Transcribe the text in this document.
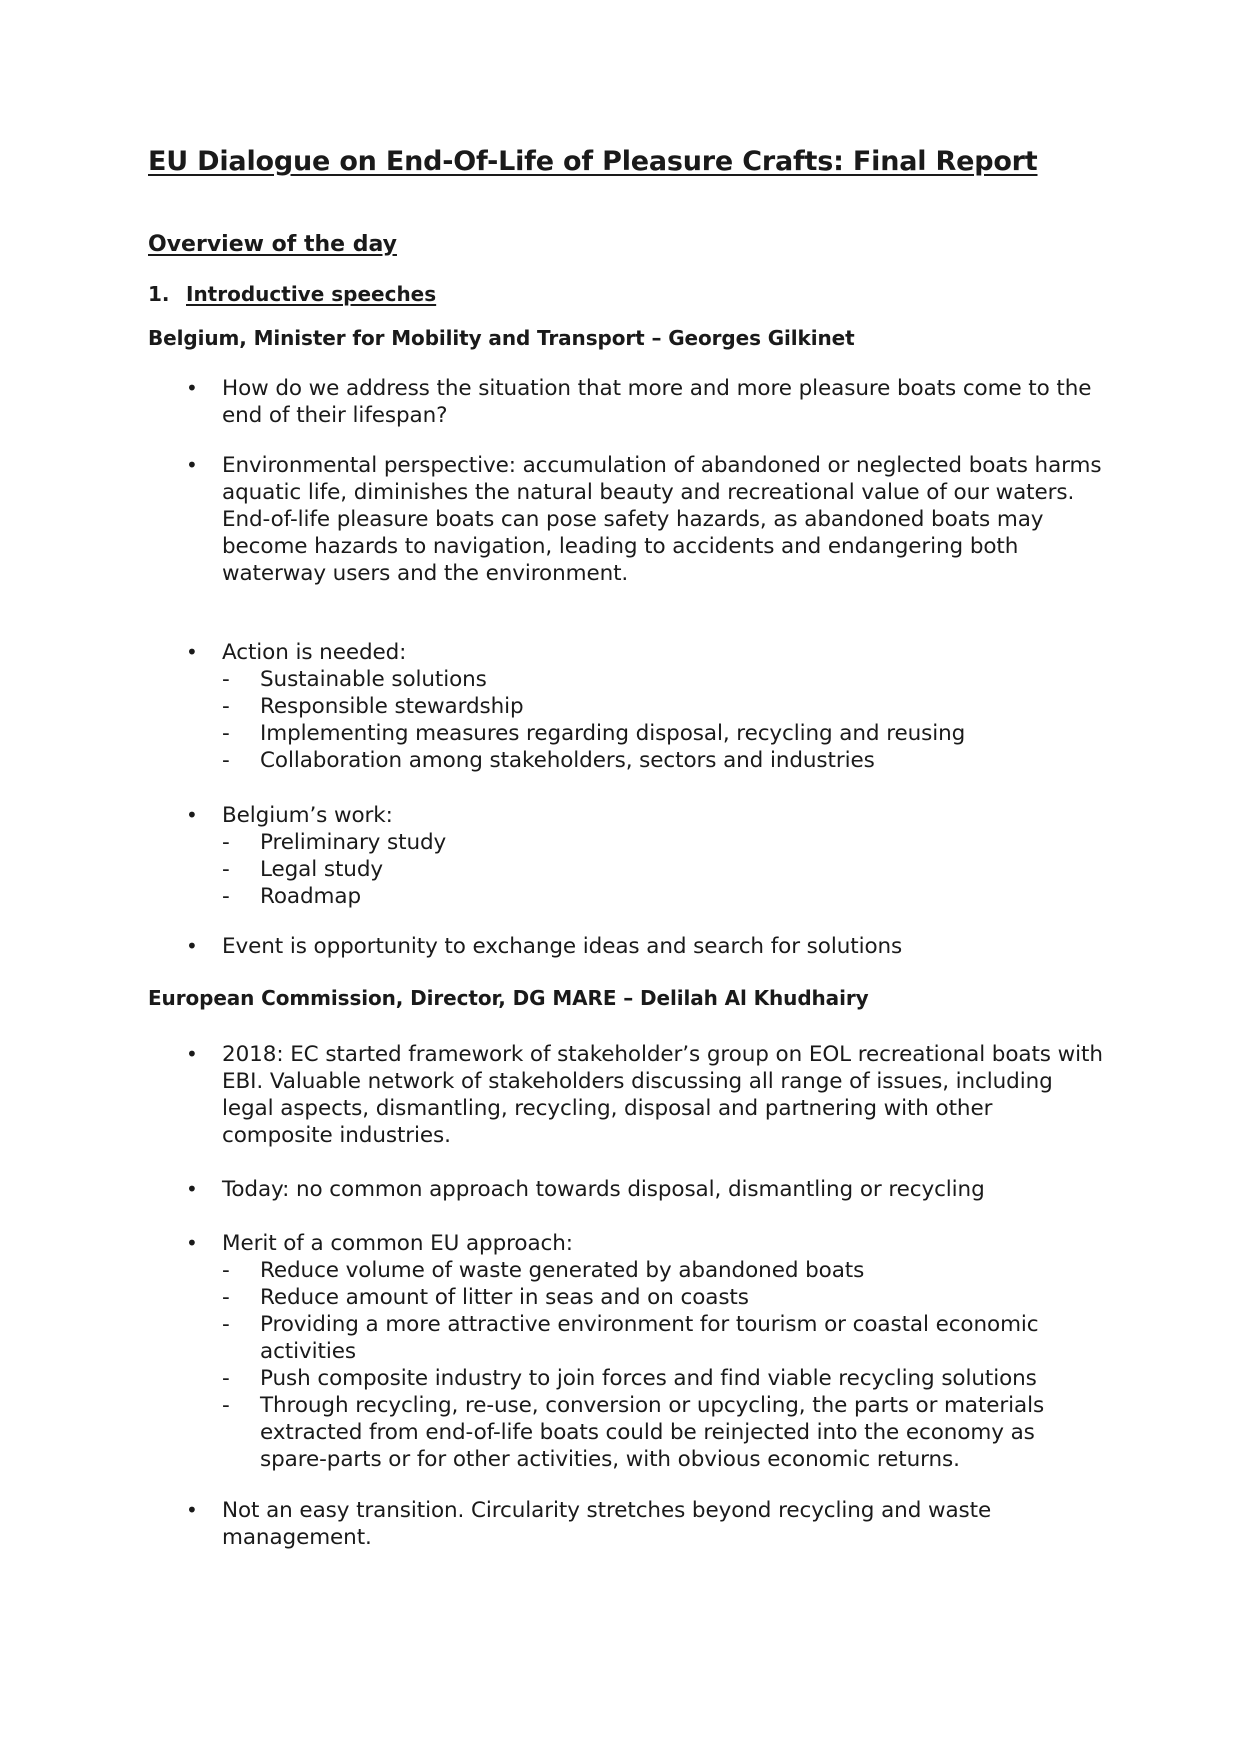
EU Dialogue on End-Of-Life of Pleasure Crafts: Final Report
Overview of the day
1. Introductive speeches
Belgium, Minister for Mobility and Transport – Georges Gilkinet
• How do we address the situation that more and more pleasure boats come to the end of their lifespan?

• Environmental perspective: accumulation of abandoned or neglected boats harms aquatic life, diminishes the natural beauty and recreational value of our waters.

End-of-life pleasure boats can pose safety hazards, as abandoned boats may become hazards to navigation, leading to accidents and endangering both waterway users and the environment.

• Action is needed:

- Sustainable solutions
- Responsible stewardship
- Implementing measures regarding disposal, recycling and reusing
- Collaboration among stakeholders, sectors and industries
• Belgium’s work:

- Preliminary study
- Legal study
- Roadmap
• Event is opportunity to exchange ideas and search for solutions

European Commission, Director, DG MARE – Delilah Al Khudhairy
• 2018: EC started framework of stakeholder’s group on EOL recreational boats with EBI. Valuable network of stakeholders discussing all range of issues, including legal aspects, dismantling, recycling, disposal and partnering with other composite industries.

• Today: no common approach towards disposal, dismantling or recycling

• Merit of a common EU approach:

- Reduce volume of waste generated by abandoned boats
- Reduce amount of litter in seas and on coasts
- Providing a more attractive environment for tourism or coastal economic activities
- Push composite industry to join forces and find viable recycling solutions
- Through recycling, re-use, conversion or upcycling, the parts or materials extracted from end-of-life boats could be reinjected into the economy as spare-parts or for other activities, with obvious economic returns.
• Not an easy transition. Circularity stretches beyond recycling and waste management.
